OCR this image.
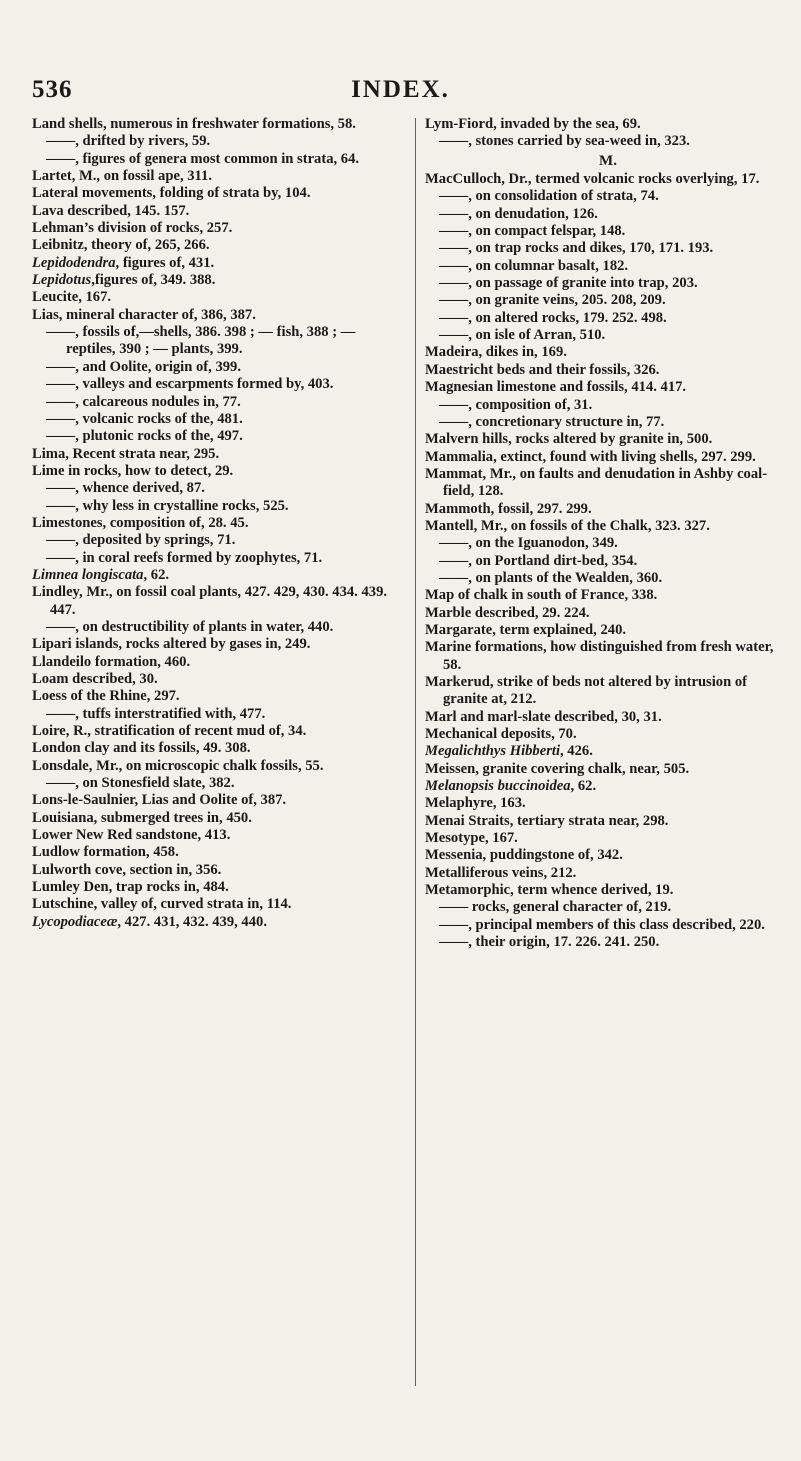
536	INDEX.
Land shells, numerous in freshwater formations, 58.
——, drifted by rivers, 59.
——, figures of genera most common in strata, 64.
Lartet, M., on fossil ape, 311.
Lateral movements, folding of strata by, 104.
Lava described, 145. 157.
Lehman’s division of rocks, 257.
Leibnitz, theory of, 265, 266.
Lepidodendra, figures of, 431.
Lepidotus,figures of, 349. 388.
Leucite, 167.
Lias, mineral character of, 386, 387.
——, fossils of,—shells, 386. 398 ; — fish, 388 ; — reptiles, 390 ; — plants, 399.
——, and Oolite, origin of, 399.
——, valleys and escarpments formed by, 403.
——, calcareous nodules in, 77.
——, volcanic rocks of the, 481.
——, plutonic rocks of the, 497.
Lima, Recent strata near, 295.
Lime in rocks, how to detect, 29.
——, whence derived, 87.
——, why less in crystalline rocks, 525.
Limestones, composition of, 28. 45.
——, deposited by springs, 71.
——, in coral reefs formed by zoophytes, 71.
Limnea longiscata, 62.
Lindley, Mr., on fossil coal plants, 427. 429, 430. 434. 439. 447.
——, on destructibility of plants in water, 440.
Lipari islands, rocks altered by gases in, 249.
Llandeilo formation, 460.
Loam described, 30.
Loess of the Rhine, 297.
——, tuffs interstratified with, 477.
Loire, R., stratification of recent mud of, 34.
London clay and its fossils, 49. 308.
Lonsdale, Mr., on microscopic chalk fossils, 55.
——, on Stonesfield slate, 382.
Lons-le-Saulnier, Lias and Oolite of, 387.
Louisiana, submerged trees in, 450.
Lower New Red sandstone, 413.
Ludlow formation, 458.
Lulworth cove, section in, 356.
Lumley Den, trap rocks in, 484.
Lutschine, valley of, curved strata in, 114.
Lycopodiaceæ, 427. 431, 432. 439, 440.
Lym-Fiord, invaded by the sea, 69.
——, stones carried by sea-weed in, 323.
M.
MacCulloch, Dr., termed volcanic rocks overlying, 17.
——, on consolidation of strata, 74.
——, on denudation, 126.
——, on compact felspar, 148.
——, on trap rocks and dikes, 170, 171. 193.
——, on columnar basalt, 182.
——, on passage of granite into trap, 203.
——, on granite veins, 205. 208, 209.
——, on altered rocks, 179. 252. 498.
——, on isle of Arran, 510.
Madeira, dikes in, 169.
Maestricht beds and their fossils, 326.
Magnesian limestone and fossils, 414. 417.
——, composition of, 31.
——, concretionary structure in, 77.
Malvern hills, rocks altered by granite in, 500.
Mammalia, extinct, found with living shells, 297. 299.
Mammat, Mr., on faults and denudation in Ashby coal-field, 128.
Mammoth, fossil, 297. 299.
Mantell, Mr., on fossils of the Chalk, 323. 327.
——, on the Iguanodon, 349.
——, on Portland dirt-bed, 354.
——, on plants of the Wealden, 360.
Map of chalk in south of France, 338.
Marble described, 29. 224.
Margarate, term explained, 240.
Marine formations, how distinguished from fresh water, 58.
Markerud, strike of beds not altered by intrusion of granite at, 212.
Marl and marl-slate described, 30, 31.
Mechanical deposits, 70.
Megalichthys Hibberti, 426.
Meissen, granite covering chalk, near, 505.
Melanopsis buccinoidea, 62.
Melaphyre, 163.
Menai Straits, tertiary strata near, 298.
Mesotype, 167.
Messenia, puddingstone of, 342.
Metalliferous veins, 212.
Metamorphic, term whence derived, 19.
—— rocks, general character of, 219.
——, principal members of this class described, 220.
——, their origin, 17. 226. 241. 250.
